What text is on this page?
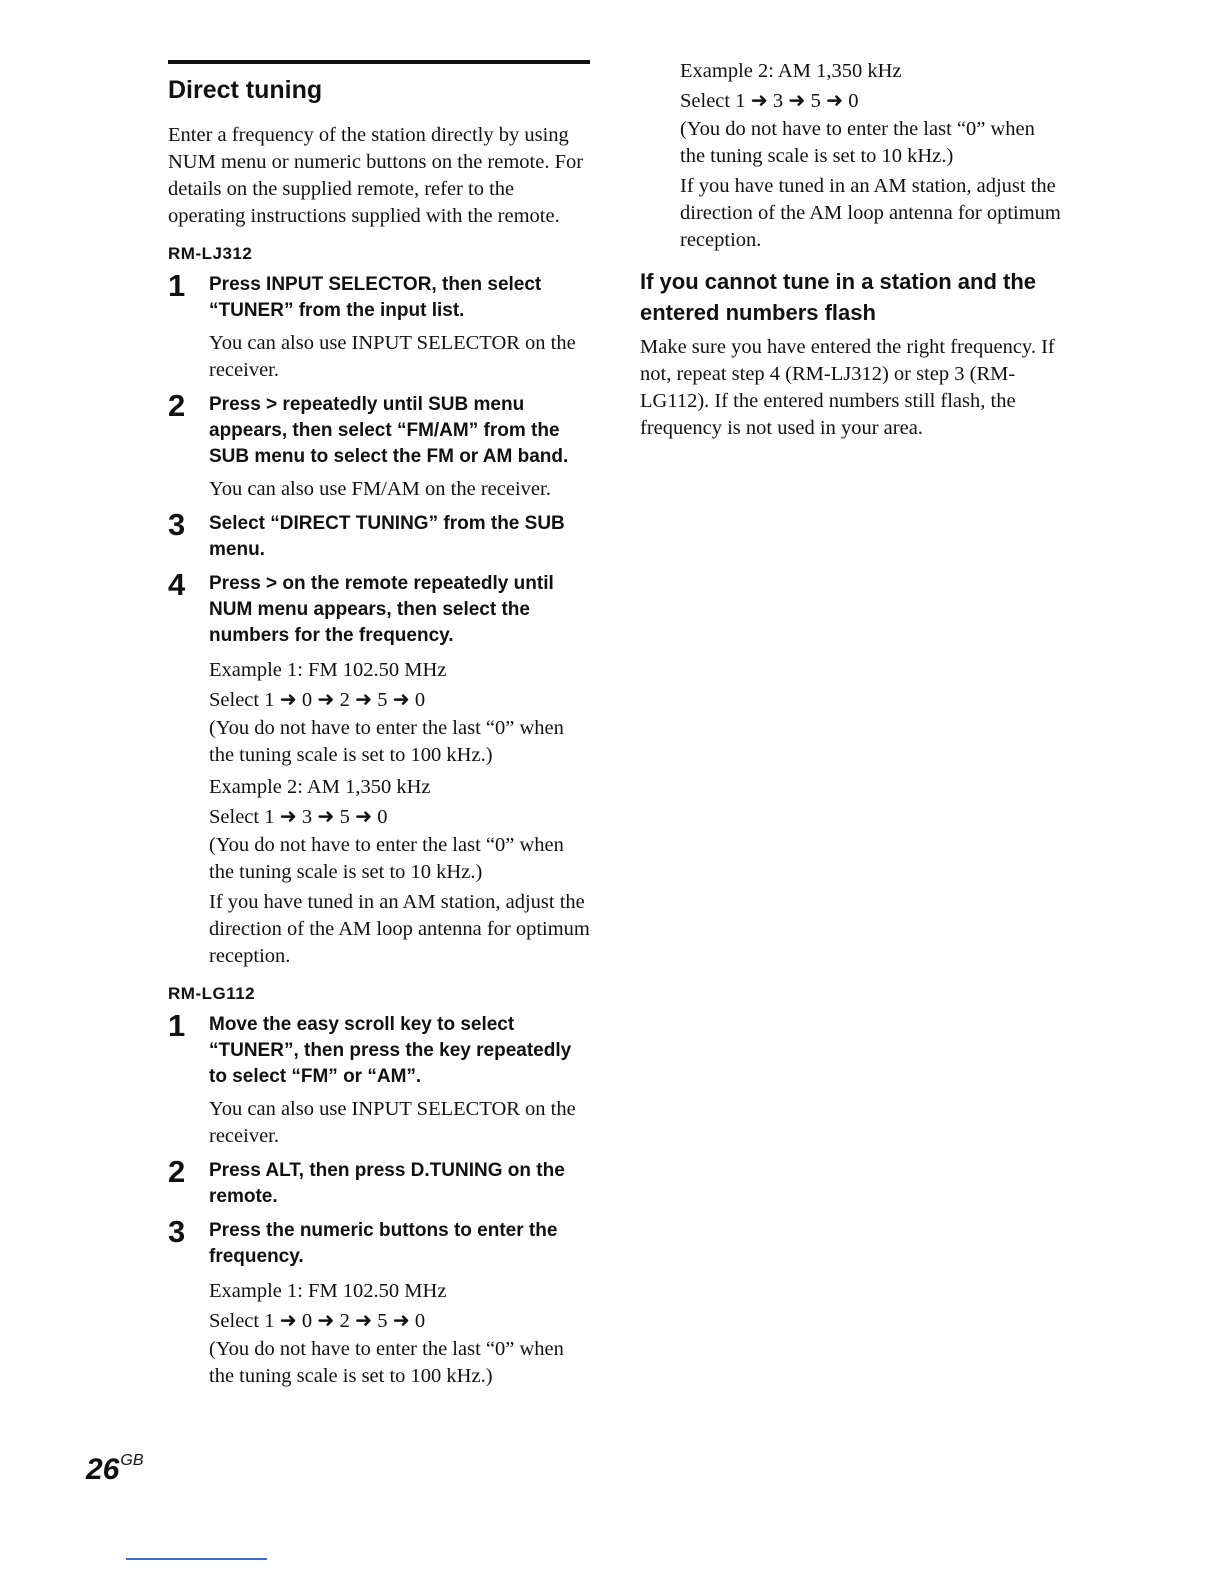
Direct tuning

Enter a frequency of the station directly by using NUM menu or numeric buttons on the remote. For details on the supplied remote, refer to the operating instructions supplied with the remote.

RM-LJ312
1 Press INPUT SELECTOR, then select “TUNER” from the input list.

You can also use INPUT SELECTOR on the receiver.

2 Press > repeatedly until SUB menu appears, then select “FM/AM” from the SUB menu to select the FM or AM band.

You can also use FM/AM on the receiver.

3 Select “DIRECT TUNING” from the SUB menu.

4 Press > on the remote repeatedly until NUM menu appears, then select the numbers for the frequency.

Example 1: FM 102.50 MHz

Select 1 ➜ 0 ➜ 2 ➜ 5 ➜ 0

(You do not have to enter the last “0” when the tuning scale is set to 100 kHz.)

Example 2: AM 1,350 kHz

Select 1 ➜ 3 ➜ 5 ➜ 0

(You do not have to enter the last “0” when the tuning scale is set to 10 kHz.)

If you have tuned in an AM station, adjust the direction of the AM loop antenna for optimum reception.

RM-LG112
1 Move the easy scroll key to select “TUNER”, then press the key repeatedly to select “FM” or “AM”.

You can also use INPUT SELECTOR on the receiver.

2 Press ALT, then press D.TUNING on the remote.

3 Press the numeric buttons to enter the frequency.

Example 1: FM 102.50 MHz

Select 1 ➜ 0 ➜ 2 ➜ 5 ➜ 0

(You do not have to enter the last “0” when the tuning scale is set to 100 kHz.)

Example 2: AM 1,350 kHz

Select 1 ➜ 3 ➜ 5 ➜ 0

(You do not have to enter the last “0” when the tuning scale is set to 10 kHz.)

If you have tuned in an AM station, adjust the direction of the AM loop antenna for optimum reception.

If you cannot tune in a station and the entered numbers flash

Make sure you have entered the right frequency. If not, repeat step 4 (RM-LJ312) or step 3 (RM-LG112). If the entered numbers still flash, the frequency is not used in your area.

$26^{GB}$
